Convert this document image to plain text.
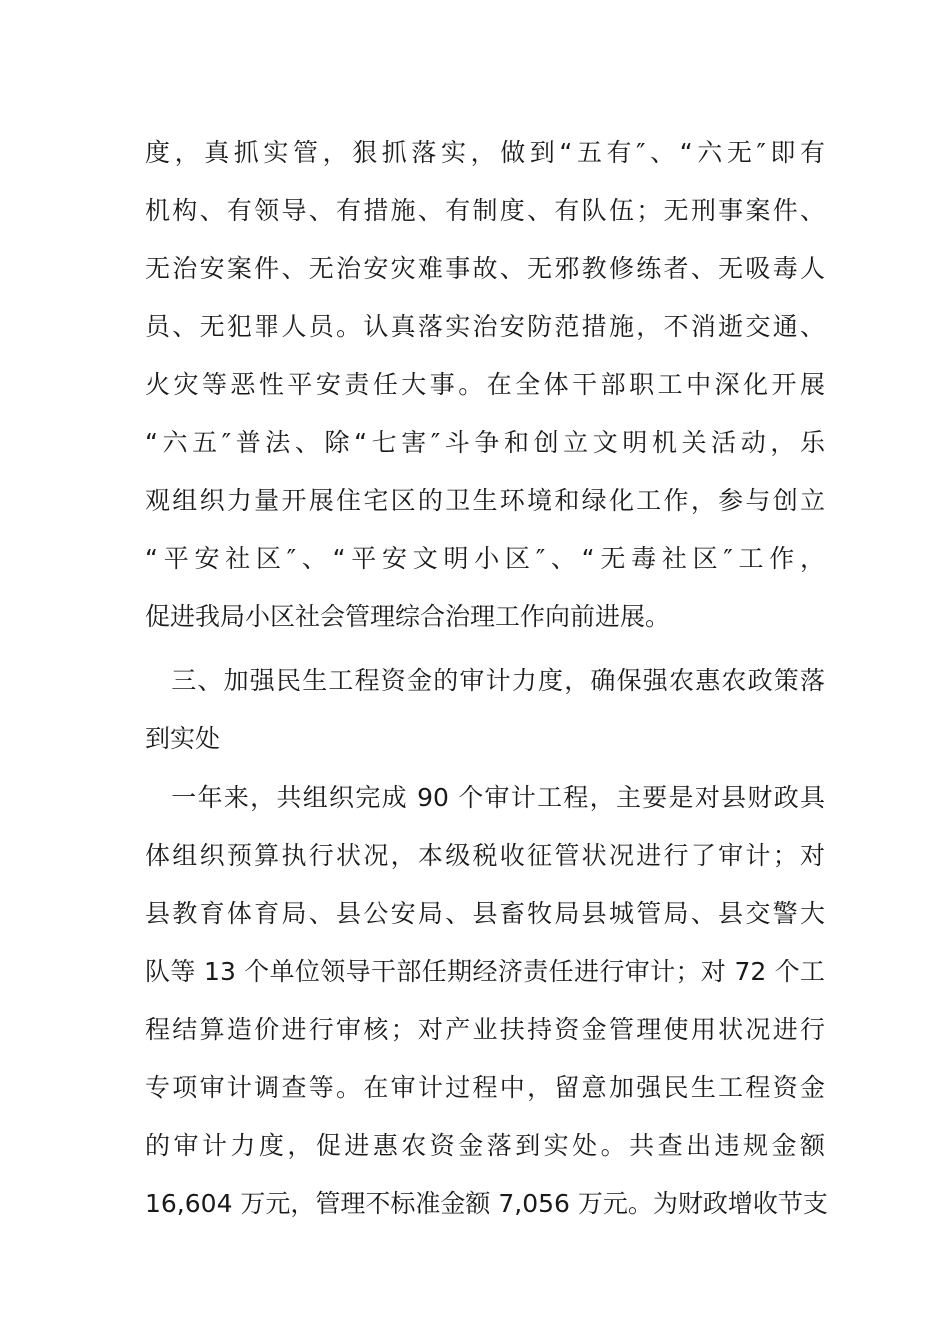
度，真抓实管，狠抓落实，做到“五有″、“六无″即有
机构、有领导、有措施、有制度、有队伍；无刑事案件、
无治安案件、无治安灾难事故、无邪教修练者、无吸毒人
员、无犯罪人员。认真落实治安防范措施，不消逝交通、
火灾等恶性平安责任大事。在全体干部职工中深化开展
“六五″普法、除“七害″斗争和创立文明机关活动，乐
观组织力量开展住宅区的卫生环境和绿化工作，参与创立
“平安社区″、“平安文明小区″、“无毒社区″工作，
促进我局小区社会管理综合治理工作向前进展。
　三、加强民生工程资金的审计力度，确保强农惠农政策落
到实处
　一年来，共组织完成 90 个审计工程，主要是对县财政具
体组织预算执行状况，本级税收征管状况进行了审计；对
县教育体育局、县公安局、县畜牧局县城管局、县交警大
队等 13 个单位领导干部任期经济责任进行审计；对 72 个工
程结算造价进行审核；对产业扶持资金管理使用状况进行
专项审计调查等。在审计过程中，留意加强民生工程资金
的审计力度，促进惠农资金落到实处。共查出违规金额
16,604 万元，管理不标准金额 7,056 万元。为财政增收节支
